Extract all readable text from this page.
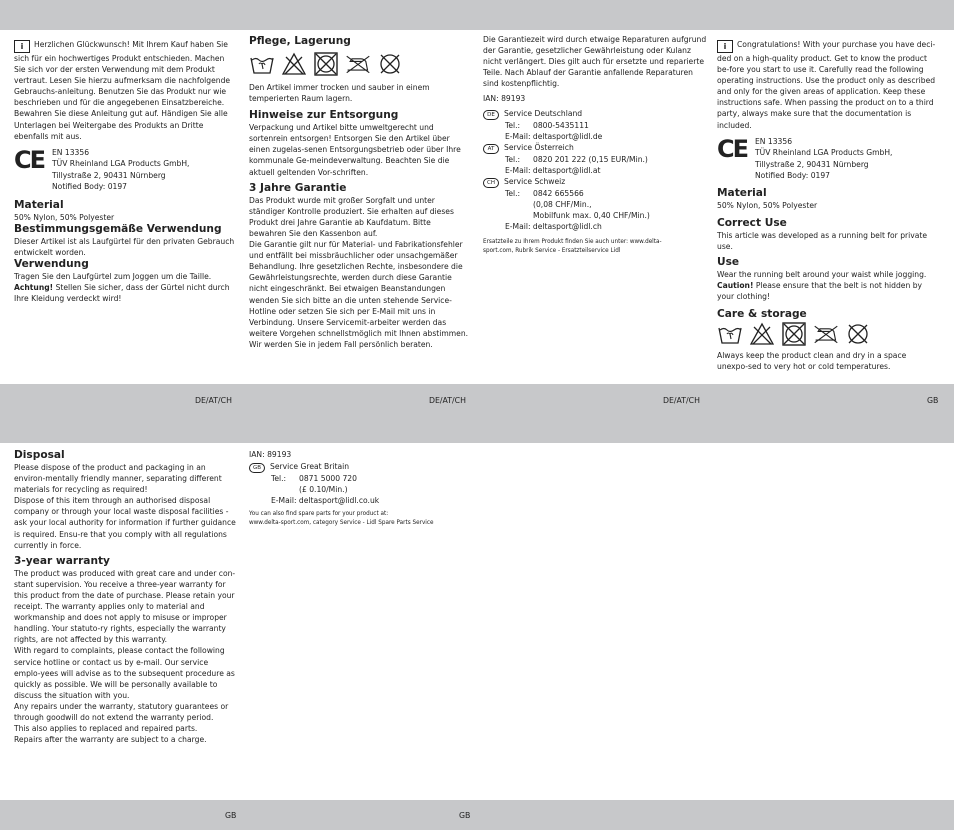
DE/AT/CH	DE/AT/CH	DE/AT/CH	GB
GB	GB

i Herzlichen Glückwunsch! Mit Ihrem Kauf haben Sie sich für ein hochwertiges Produkt entschieden. Machen Sie sich vor der ersten Verwendung mit dem Produkt vertraut. Lesen Sie hierzu aufmerksam die nachfolgende Gebrauchs-anleitung. Benutzen Sie das Produkt nur wie beschrieben und für die angegebenen Einsatzbereiche. Bewahren Sie diese Anleitung gut auf. Händigen Sie alle Unterlagen bei Weitergabe des Produkts an Dritte ebenfalls mit aus.

CE	EN 13356

TÜV Rheinland LGA Products GmbH,

Tillystraße 2, 90431 Nürnberg

Notified Body: 0197

Material

50% Nylon, 50% Polyester

Bestimmungsgemäße Verwendung

Dieser Artikel ist als Laufgürtel für den privaten Gebrauch entwickelt worden.

Verwendung

Tragen Sie den Laufgürtel zum Joggen um die Taille.

Achtung! Stellen Sie sicher, dass der Gürtel nicht durch Ihre Kleidung verdeckt wird!

Pflege, Lagerung

Den Artikel immer trocken und sauber in einem temperierten Raum lagern.

Hinweise zur Entsorgung

Verpackung und Artikel bitte umweltgerecht und sortenrein entsorgen! Entsorgen Sie den Artikel über einen zugelas-senen Entsorgungsbetrieb oder über Ihre kommunale Ge-meindeverwaltung. Beachten Sie die aktuell geltenden Vor-schriften.

3 Jahre Garantie

Das Produkt wurde mit großer Sorgfalt und unter ständiger Kontrolle produziert. Sie erhalten auf dieses Produkt drei Jahre Garantie ab Kaufdatum. Bitte bewahren Sie den Kassenbon auf.

Die Garantie gilt nur für Material- und Fabrikationsfehler und entfällt bei missbräuchlicher oder unsachgemäßer Behandlung. Ihre gesetzlichen Rechte, insbesondere die Gewährleistungsrechte, werden durch diese Garantie nicht eingeschränkt. Bei etwaigen Beanstandungen wenden Sie sich bitte an die unten stehende Service-Hotline oder setzen Sie sich per E-Mail mit uns in Verbindung. Unsere Servicemit-arbeiter werden das weitere Vorgehen schnellstmöglich mit Ihnen abstimmen. Wir werden Sie in jedem Fall persönlich beraten.

Die Garantiezeit wird durch etwaige Reparaturen aufgrund der Garantie, gesetzlicher Gewährleistung oder Kulanz nicht verlängert. Dies gilt auch für ersetzte und reparierte Teile. Nach Ablauf der Garantie anfallende Reparaturen sind kostenpflichtig.

IAN: 89193

DE Service Deutschland

Tel.:	0800-5435111

E-Mail: deltasport@lidl.de

AT Service Österreich

Tel.:	0820 201 222 (0,15 EUR/Min.)

E-Mail: deltasport@lidl.at

CH Service Schweiz

Tel.:	0842 665566

(0,08 CHF/Min.,

Mobilfunk max. 0,40 CHF/Min.)

E-Mail: deltasport@lidl.ch

Ersatzteile zu Ihrem Produkt finden Sie auch unter: www.delta-sport.com, Rubrik Service - Ersatzteilservice Lidl

i Congratulations! With your purchase you have deci-ded on a high-quality product. Get to know the product be-fore you start to use it. Carefully read the following operating instructions. Use the product only as described and only for the given areas of application. Keep these instructions safe. When passing the product on to a third party, always make sure that the documentation is included.

CE	EN 13356

TÜV Rheinland LGA Products GmbH,

Tillystraße 2, 90431 Nürnberg

Notified Body: 0197

Material

50% Nylon, 50% Polyester

Correct Use

This article was developed as a running belt for private use.

Use

Wear the running belt around your waist while jogging.

Caution! Please ensure that the belt is not hidden by your clothing!

Care & storage

Always keep the product clean and dry in a space unexpo-sed to very hot or cold temperatures.

Disposal

Please dispose of the product and packaging in an environ-mentally friendly manner, separating different materials for recycling as required!

Dispose of this item through an authorised disposal company or through your local waste disposal facilities - ask your local authority for information if further guidance is required. Ensu-re that you comply with all regulations currently in force.

3-year warranty

The product was produced with great care and under con-stant supervision. You receive a three-year warranty for this product from the date of purchase. Please retain your receipt. The warranty applies only to material and workmanship and does not apply to misuse or improper handling. Your statuto-ry rights, especially the warranty rights, are not affected by this warranty.

With regard to complaints, please contact the following service hotline or contact us by e-mail. Our service emplo-yees will advise as to the subsequent procedure as quickly as possible. We will be personally available to discuss the situation with you.

Any repairs under the warranty, statutory guarantees or through goodwill do not extend the warranty period.

This also applies to replaced and repaired parts.

Repairs after the warranty are subject to a charge.

IAN: 89193

GB Service Great Britain

Tel.:	0871 5000 720

(£ 0.10/Min.)

E-Mail: deltasport@lidl.co.uk

You can also find spare parts for your product at:

www.delta-sport.com, category Service - Lidl Spare Parts Service
